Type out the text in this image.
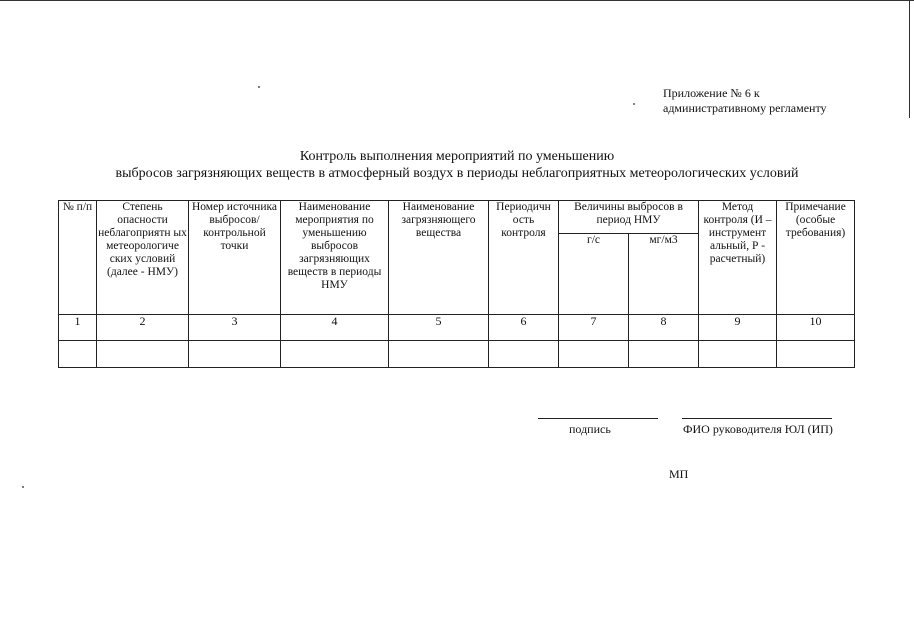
Приложение № 6 к
административному регламенту
Контроль выполнения мероприятий по уменьшению
выбросов загрязняющих веществ в атмосферный воздух в периоды неблагоприятных метеорологических условий
№ п/п	Степень опасности неблагоприятн ых метеорологиче ских условий (далее - НМУ)	Номер источника выбросов/ контрольной точки	Наименование мероприятия по уменьшению выбросов загрязняющих веществ в периоды НМУ	Наименование загрязняющего вещества	Периодичн ость контроля	Величины выбросов в период НМУ		Метод контроля (И – инструмент альный, Р - расчетный)	Примечание (особые требования)
						г/с	мг/м3		
1	2	3	4	5	6	7	8	9	10

подпись	ФИО руководителя ЮЛ (ИП)
МП
